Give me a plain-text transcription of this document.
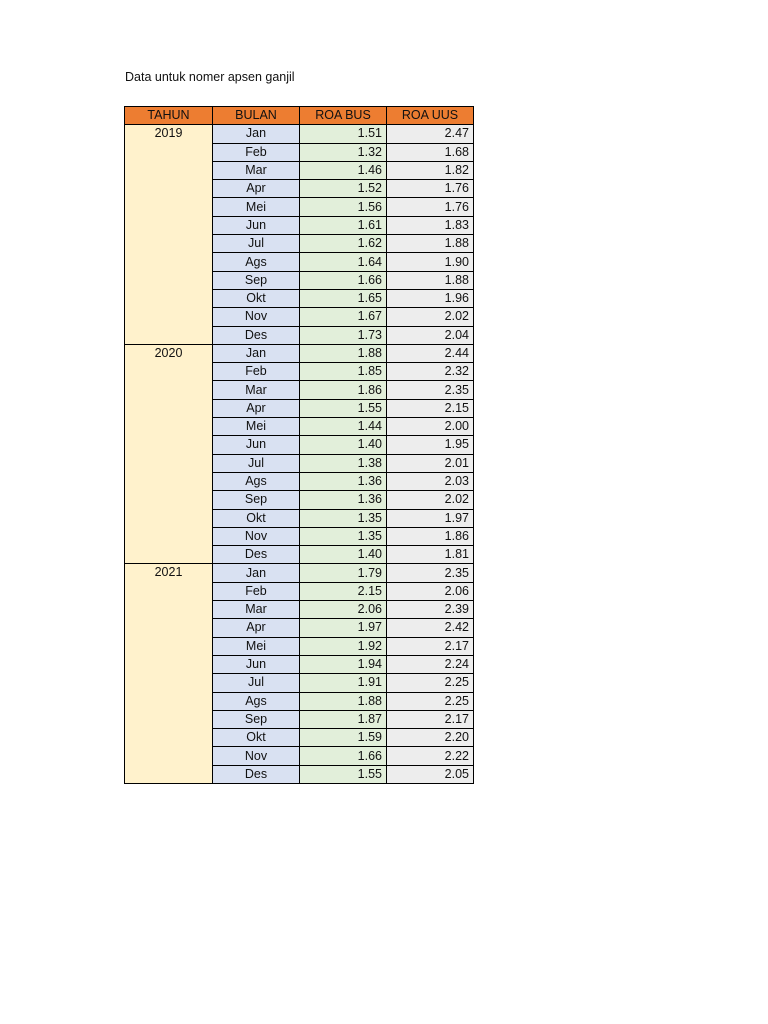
Data untuk nomer apsen ganjil
TAHUN	BULAN	ROA BUS	ROA UUS
2019	Jan	1.51	2.47
	Feb	1.32	1.68
	Mar	1.46	1.82
	Apr	1.52	1.76
	Mei	1.56	1.76
	Jun	1.61	1.83
	Jul	1.62	1.88
	Ags	1.64	1.90
	Sep	1.66	1.88
	Okt	1.65	1.96
	Nov	1.67	2.02
	Des	1.73	2.04
2020	Jan	1.88	2.44
	Feb	1.85	2.32
	Mar	1.86	2.35
	Apr	1.55	2.15
	Mei	1.44	2.00
	Jun	1.40	1.95
	Jul	1.38	2.01
	Ags	1.36	2.03
	Sep	1.36	2.02
	Okt	1.35	1.97
	Nov	1.35	1.86
	Des	1.40	1.81
2021	Jan	1.79	2.35
	Feb	2.15	2.06
	Mar	2.06	2.39
	Apr	1.97	2.42
	Mei	1.92	2.17
	Jun	1.94	2.24
	Jul	1.91	2.25
	Ags	1.88	2.25
	Sep	1.87	2.17
	Okt	1.59	2.20
	Nov	1.66	2.22
	Des	1.55	2.05
